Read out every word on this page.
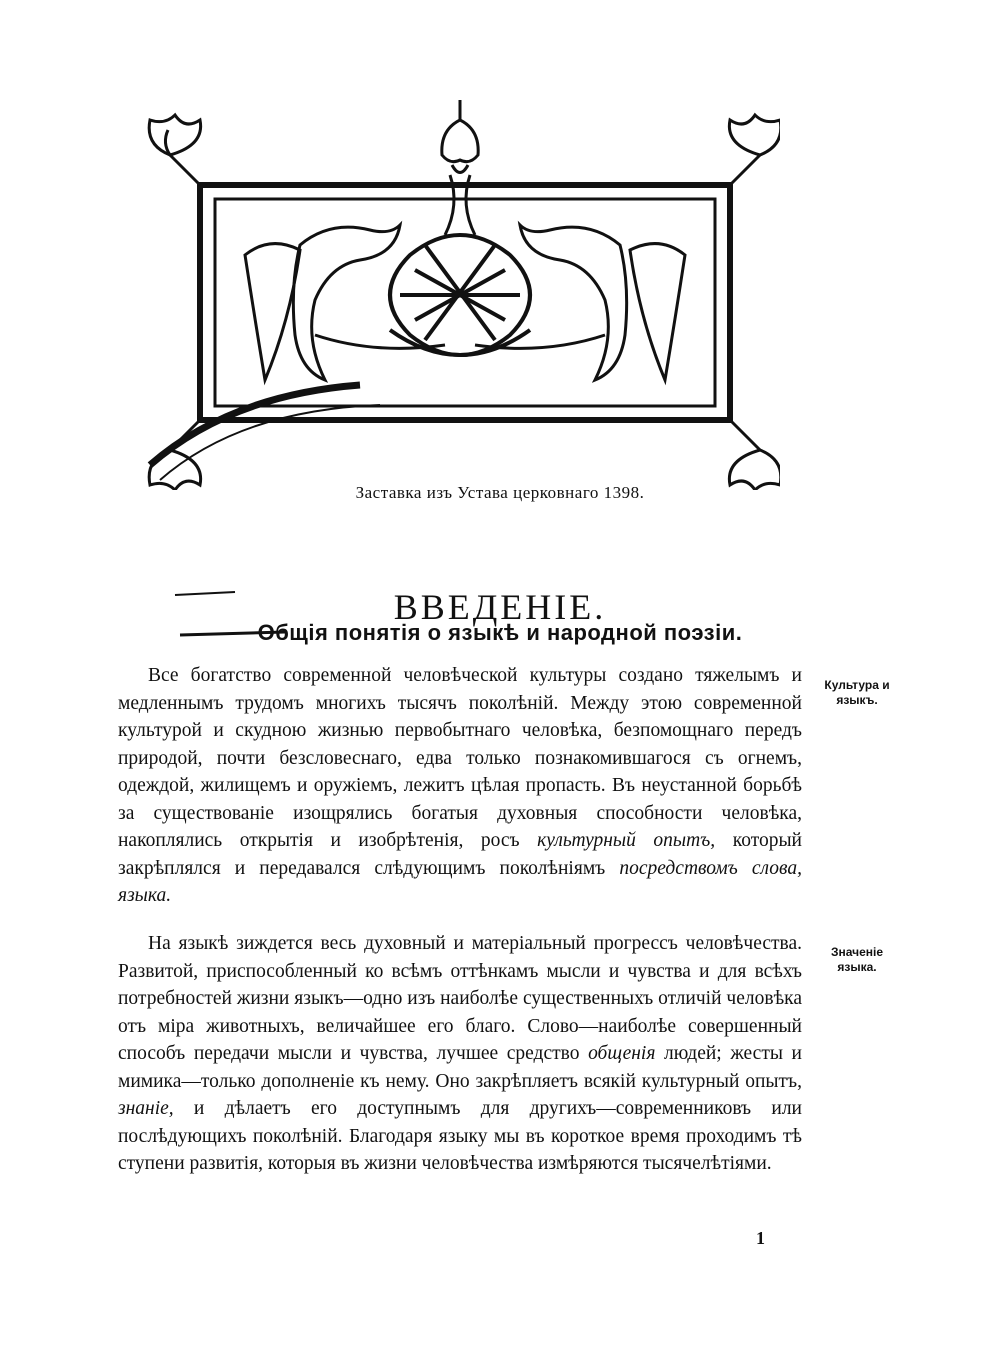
Заставка изъ Устава церковнаго 1398.
ВВЕДЕНІЕ.
Общія понятія о языкѣ и народной поэзіи.

Все богатство современной человѣческой культуры создано тяжелымъ и медленнымъ трудомъ многихъ тысячъ поколѣній. Между этою современной культурой и скудною жизнью первобытнаго человѣка, безпомощнаго передъ природой, почти безсловеснаго, едва только познакомившагося съ огнемъ, одеждой, жилищемъ и оружіемъ, лежитъ цѣлая пропасть. Въ неустанной борьбѣ за существованіе изощрялись богатыя духовныя способности человѣка, накоплялись открытія и изобрѣтенія, росъ культурный опытъ, который закрѣплялся и передавался слѣдующимъ поколѣніямъ посредствомъ слова, языка.

Культура и языкъ.

На языкѣ зиждется весь духовный и матеріальный прогрессъ человѣчества. Развитой, приспособленный ко всѣмъ оттѣнкамъ мысли и чувства и для всѣхъ потребностей жизни языкъ—одно изъ наиболѣе существенныхъ отличій человѣка отъ міра животныхъ, величайшее его благо. Слово—наиболѣе совершенный способъ передачи мысли и чувства, лучшее средство общенія людей; жесты и мимика—только дополненіе къ нему. Оно закрѣпляетъ всякій культурный опытъ, знаніе, и дѣлаетъ его доступнымъ для другихъ—современниковъ или послѣдующихъ поколѣній. Благодаря языку мы въ короткое время проходимъ тѣ ступени развитія, которыя въ жизни человѣчества измѣряются тысячелѣтіями.

Значеніе языка.
1
